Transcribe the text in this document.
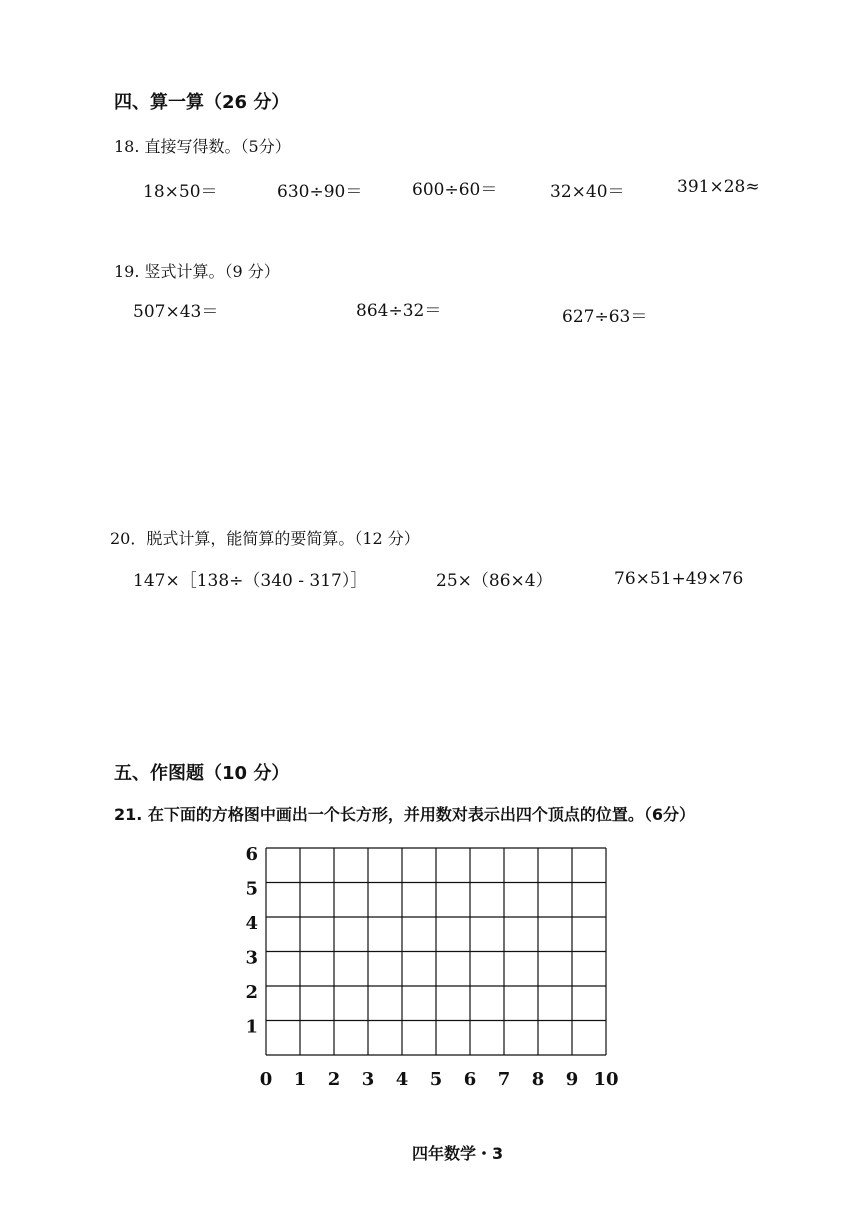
四、算一算（26 分）
18. 直接写得数。（5分）
18×50＝	630÷90＝	600÷60＝	32×40＝	391×28≈
19. 竖式计算。（9 分）
507×43＝	864÷32＝	627÷63＝
20．脱式计算，能简算的要简算。（12 分）
147×［138÷（340 - 317）］	25×（86×4）	76×51+49×76
五、作图题（10 分）
21. 在下面的方格图中画出一个长方形，并用数对表示出四个顶点的位置。（6分）
0 1 2 3 4 5 6 7 8 9 10
1
2
3
4
5
6
四年数学・3
